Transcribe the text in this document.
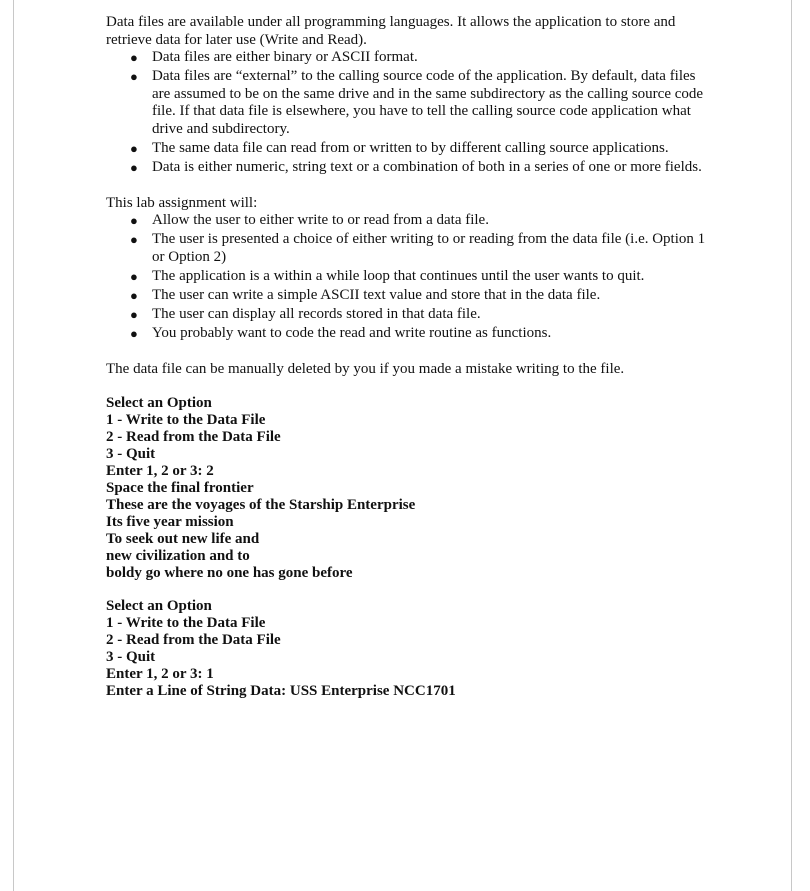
Data files are available under all programming languages. It allows the application to store and retrieve data for later use (Write and Read).

● Data files are either binary or ASCII format.
● Data files are “external” to the calling source code of the application. By default, data files are assumed to be on the same drive and in the same subdirectory as the calling source code file. If that data file is elsewhere, you have to tell the calling source code application what drive and subdirectory.
● The same data file can read from or written to by different calling source applications.
● Data is either numeric, string text or a combination of both in a series of one or more fields.

This lab assignment will:

● Allow the user to either write to or read from a data file.
● The user is presented a choice of either writing to or reading from the data file (i.e. Option 1 or Option 2)
● The application is a within a while loop that continues until the user wants to quit.
● The user can write a simple ASCII text value and store that in the data file.
● The user can display all records stored in that data file.
● You probably want to code the read and write routine as functions.

The data file can be manually deleted by you if you made a mistake writing to the file.

Select an Option

1 - Write to the Data File

2 - Read from the Data File

3 - Quit

Enter 1, 2 or 3: 2

Space the final frontier

These are the voyages of the Starship Enterprise

Its five year mission

To seek out new life and

new civilization and to

boldy go where no one has gone before

Select an Option

1 - Write to the Data File

2 - Read from the Data File

3 - Quit

Enter 1, 2 or 3: 1

Enter a Line of String Data: USS Enterprise NCC1701
